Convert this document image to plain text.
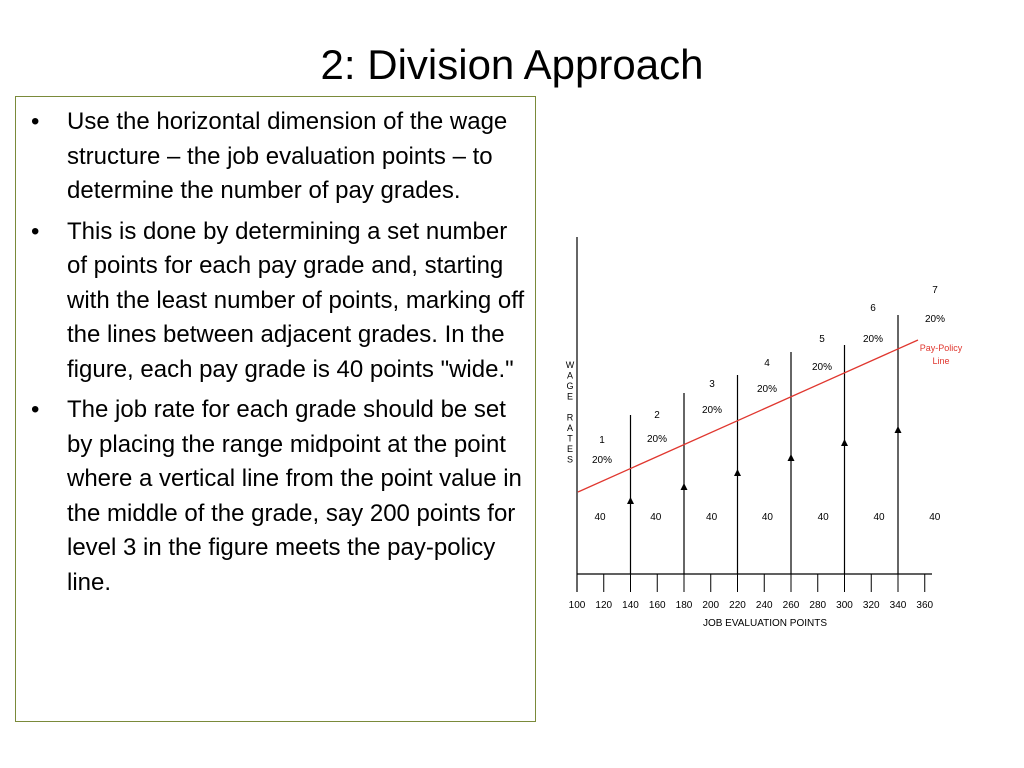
2: Division Approach
•	Use the horizontal dimension of the wage structure – the job evaluation points – to determine the number of pay grades.
•	This is done by determining a set number of points for each pay grade and, starting with the least number of points, marking off the lines between adjacent grades. In the figure, each pay grade is 40 points "wide."
•	The job rate for each grade should be set by placing the range midpoint at the point where a vertical line from the point value in the middle of the grade, say 200 points for level 3 in the figure meets the pay-policy line.
100 120 140 160 180 200 220 240 260 280 300 320 340 360
JOB EVALUATION POINTS
W
A
G
E
R
A
T
E
S
1
20%
40
2
20%
40
3
20%
40
4
20%
40
5
20%
40
6
20%
40
7
20%
40
Pay-Policy
Line
